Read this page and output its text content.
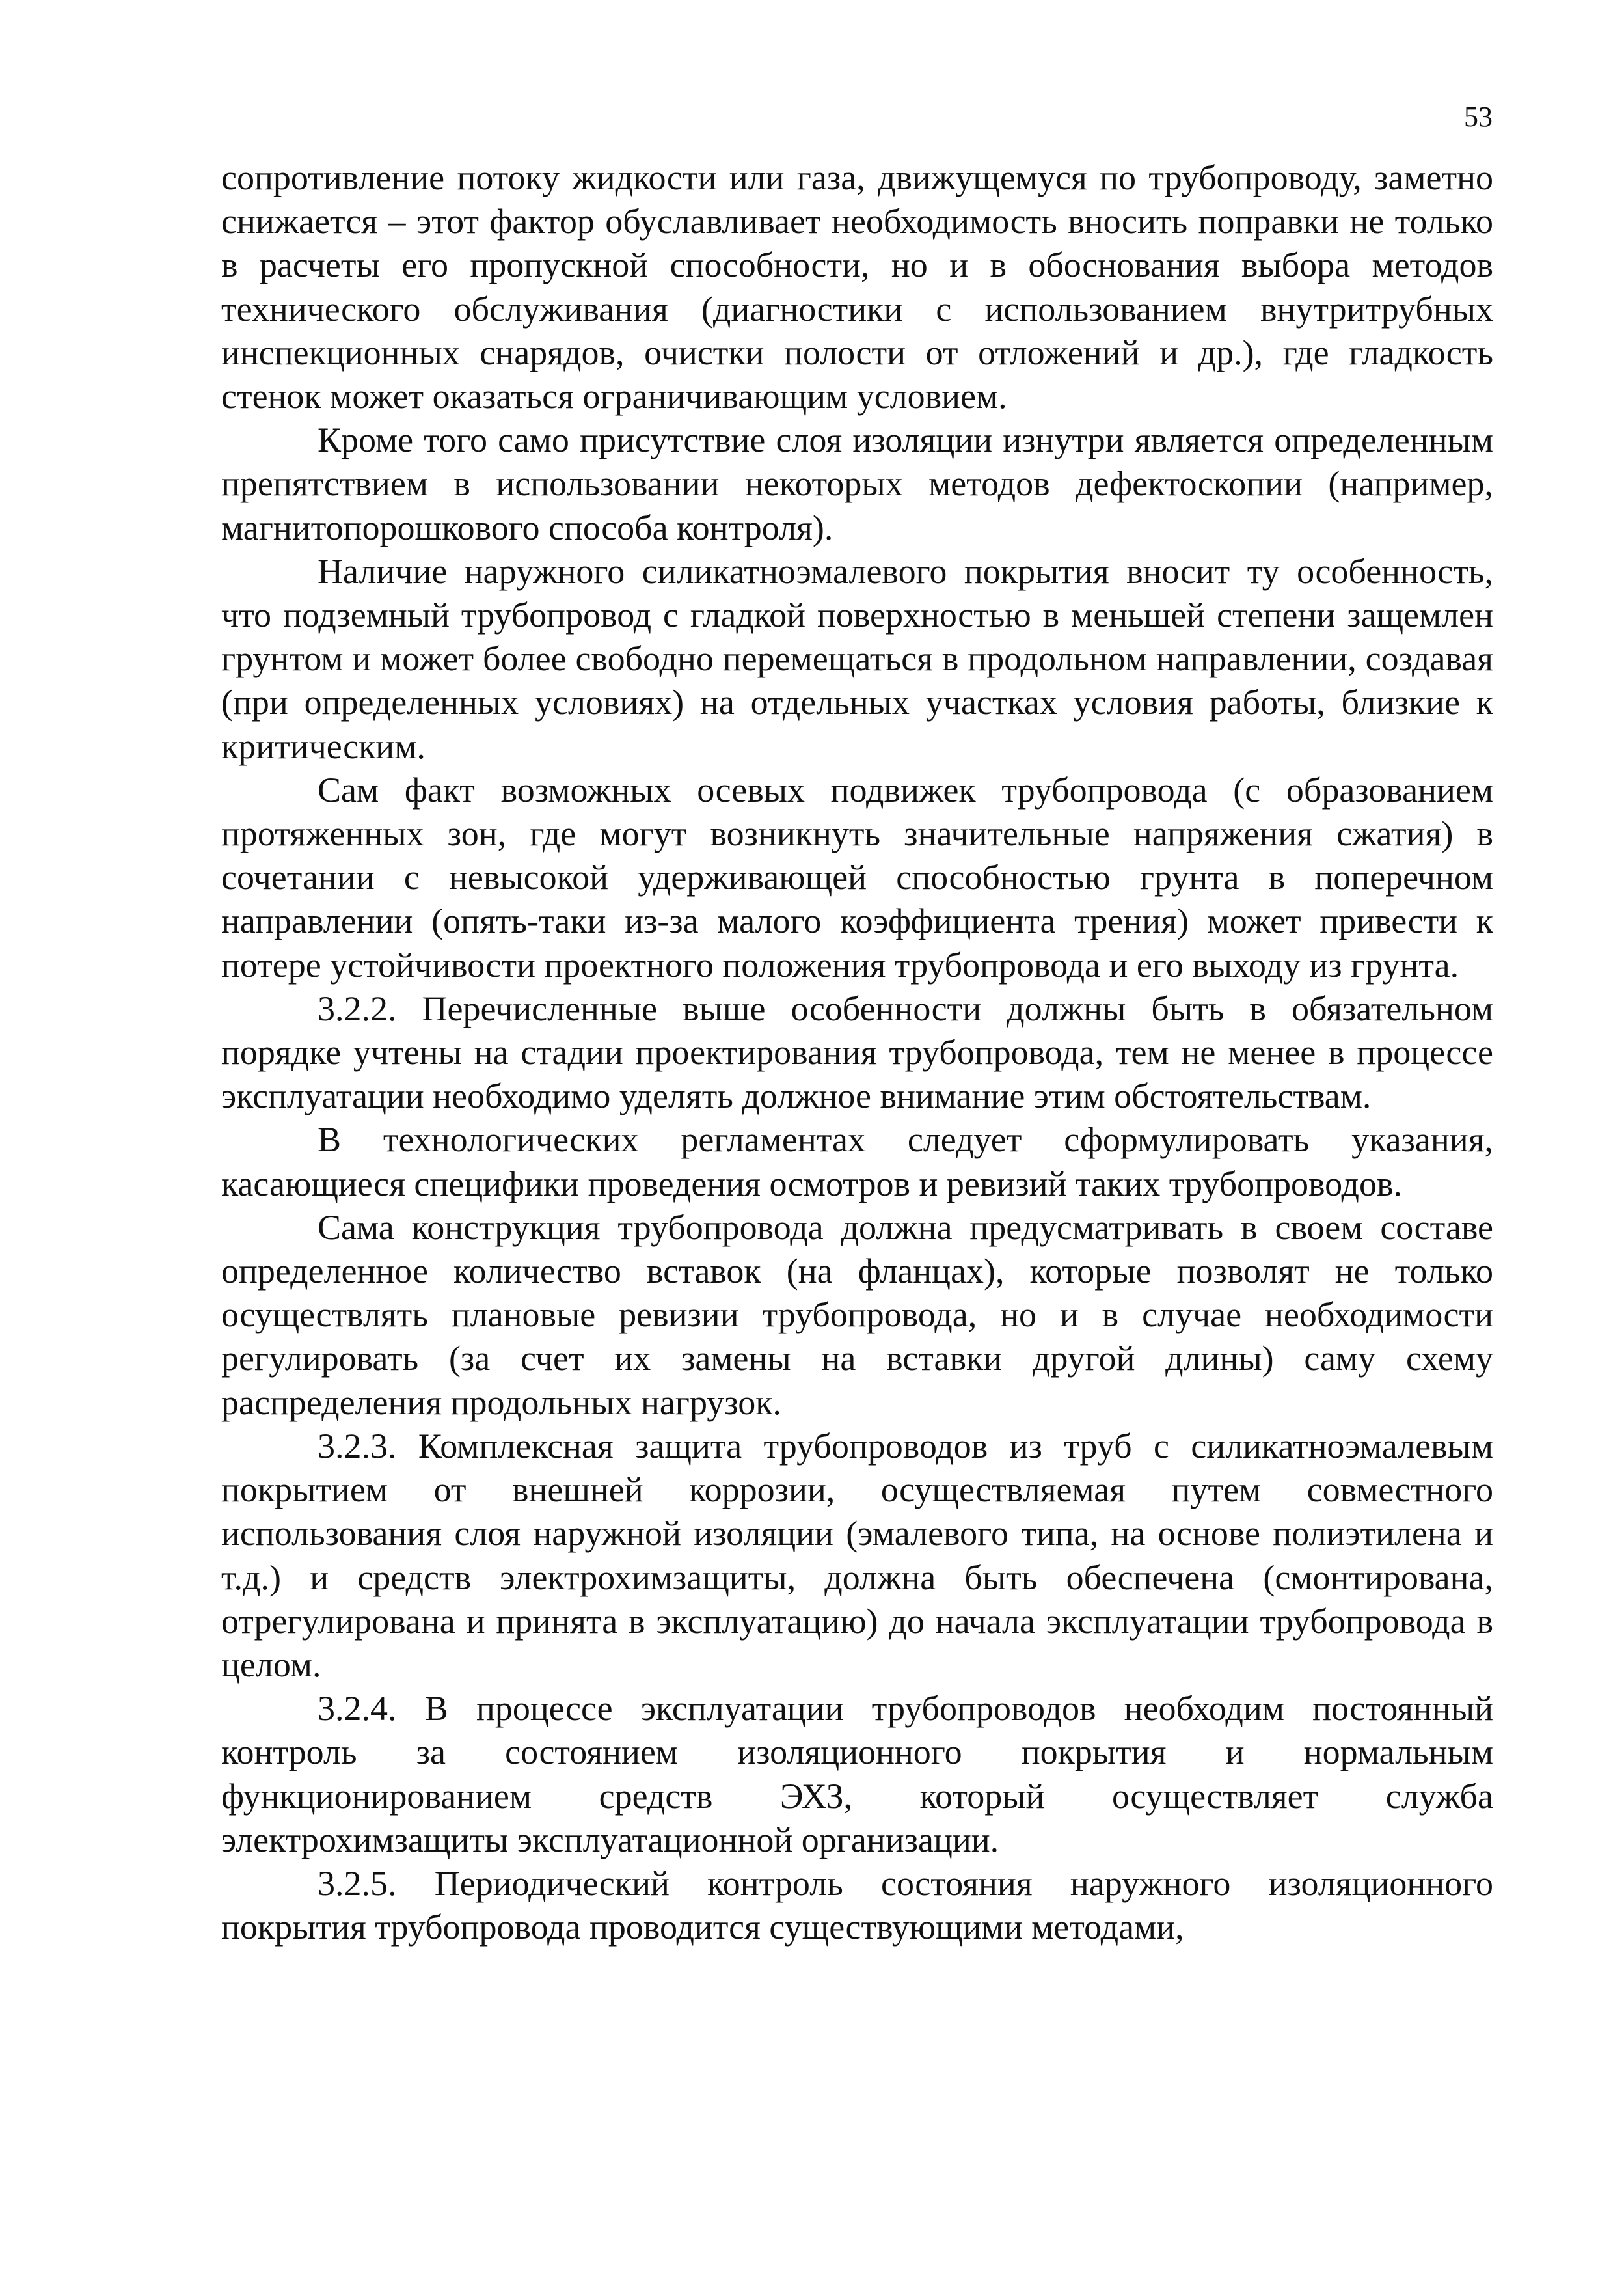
53

сопротивление потоку жидкости или газа, движущемуся по трубопроводу, заметно снижается – этот фактор обуславливает необходимость вносить поправки не только в расчеты его пропускной способности, но и в обоснования выбора методов технического обслуживания (диагностики с использованием внутритрубных инспекционных снарядов, очистки полости от отложений и др.), где гладкость стенок может оказаться ограничивающим условием.

Кроме того само присутствие слоя изоляции изнутри является определенным препятствием в использовании некоторых методов дефектоскопии (например, магнитопорошкового способа контроля).

Наличие наружного силикатноэмалевого покрытия вносит ту особенность, что подземный трубопровод с гладкой поверхностью в меньшей степени защемлен грунтом и может более свободно перемещаться в продольном направлении, создавая (при определенных условиях) на отдельных участках условия работы, близкие к критическим.

Сам факт возможных осевых подвижек трубопровода (с образованием протяженных зон, где могут возникнуть значительные напряжения сжатия) в сочетании с невысокой удерживающей способностью грунта в поперечном направлении (опять-таки из-за малого коэффициента трения) может привести к потере устойчивости проектного положения трубопровода и его выходу из грунта.

3.2.2. Перечисленные выше особенности должны быть в обязательном порядке учтены на стадии проектирования трубопровода, тем не менее в процессе эксплуатации необходимо уделять должное внимание этим обстоятельствам.

В технологических регламентах следует сформулировать указания, касающиеся специфики проведения осмотров и ревизий таких трубопроводов.

Сама конструкция трубопровода должна предусматривать в своем составе определенное количество вставок (на фланцах), которые позволят не только осуществлять плановые ревизии трубопровода, но и в случае необходимости регулировать (за счет их замены на вставки другой длины) саму схему распределения продольных нагрузок.

3.2.3. Комплексная защита трубопроводов из труб с силикатноэмалевым покрытием от внешней коррозии, осуществляемая путем совместного использования слоя наружной изоляции (эмалевого типа, на основе полиэтилена и т.д.) и средств электрохимзащиты, должна быть обеспечена (смонтирована, отрегулирована и принята в эксплуатацию) до начала эксплуатации трубопровода в целом.

3.2.4. В процессе эксплуатации трубопроводов необходим постоянный контроль за состоянием изоляционного покрытия и нормальным функционированием средств ЭХЗ, который осуществляет служба электрохимзащиты эксплуатационной организации.

3.2.5. Периодический контроль состояния наружного изоляционного покрытия трубопровода проводится существующими методами,
